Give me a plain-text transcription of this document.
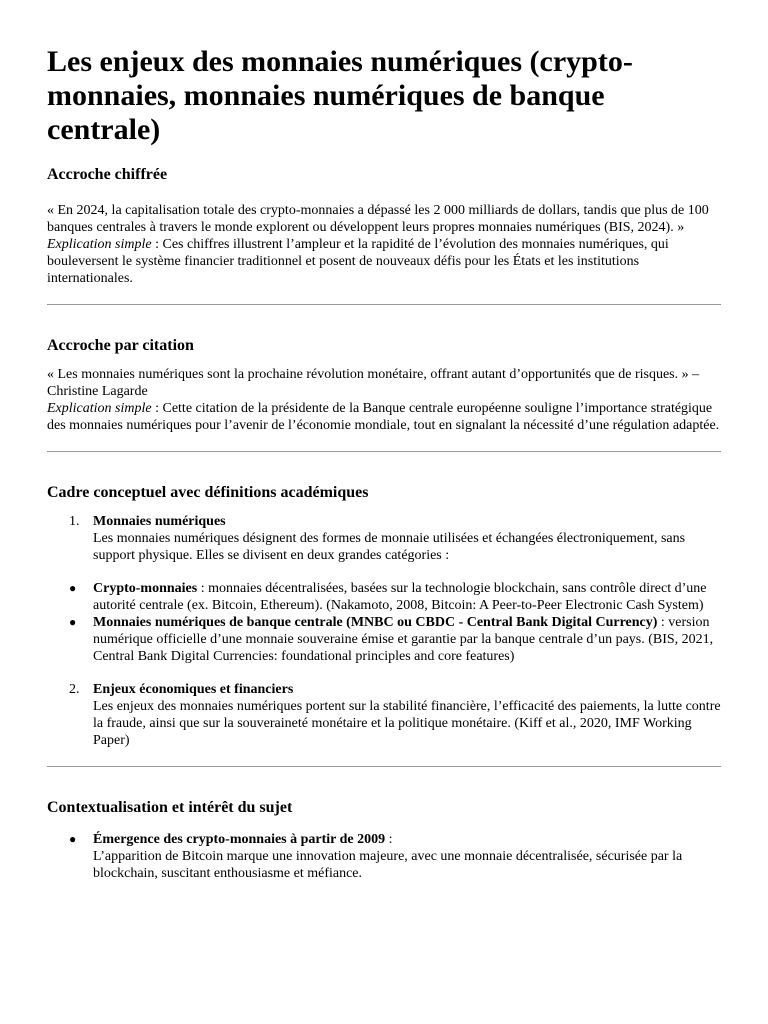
Les enjeux des monnaies numériques (crypto-monnaies, monnaies numériques de banque centrale)
Accroche chiffrée

« En 2024, la capitalisation totale des crypto-monnaies a dépassé les 2 000 milliards de dollars, tandis que plus de 100 banques centrales à travers le monde explorent ou développent leurs propres monnaies numériques (BIS, 2024). »

Explication simple : Ces chiffres illustrent l’ampleur et la rapidité de l’évolution des monnaies numériques, qui bouleversent le système financier traditionnel et posent de nouveaux défis pour les États et les institutions internationales.

Accroche par citation

« Les monnaies numériques sont la prochaine révolution monétaire, offrant autant d’opportunités que de risques. » – Christine Lagarde

Explication simple : Cette citation de la présidente de la Banque centrale européenne souligne l’importance stratégique des monnaies numériques pour l’avenir de l’économie mondiale, tout en signalant la nécessité d’une régulation adaptée.

Cadre conceptuel avec définitions académiques
1. Monnaies numériques
Les monnaies numériques désignent des formes de monnaie utilisées et échangées électroniquement, sans support physique. Elles se divisent en deux grandes catégories :
● Crypto-monnaies : monnaies décentralisées, basées sur la technologie blockchain, sans contrôle direct d’une autorité centrale (ex. Bitcoin, Ethereum). (Nakamoto, 2008, Bitcoin: A Peer-to-Peer Electronic Cash System)
● Monnaies numériques de banque centrale (MNBC ou CBDC - Central Bank Digital Currency) : version numérique officielle d’une monnaie souveraine émise et garantie par la banque centrale d’un pays. (BIS, 2021, Central Bank Digital Currencies: foundational principles and core features)
2. Enjeux économiques et financiers
Les enjeux des monnaies numériques portent sur la stabilité financière, l’efficacité des paiements, la lutte contre la fraude, ainsi que sur la souveraineté monétaire et la politique monétaire. (Kiff et al., 2020, IMF Working Paper)
Contextualisation et intérêt du sujet
● Émergence des crypto-monnaies à partir de 2009 :
L’apparition de Bitcoin marque une innovation majeure, avec une monnaie décentralisée, sécurisée par la blockchain, suscitant enthousiasme et méfiance.
